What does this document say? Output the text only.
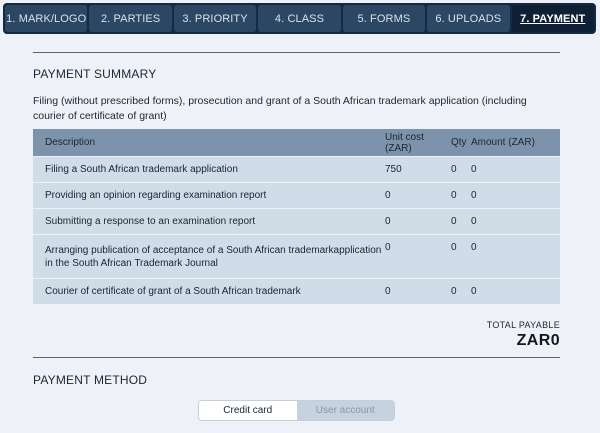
1. MARK/LOGO	2. PARTIES	3. PRIORITY	4. CLASS	5. FORMS	6. UPLOADS	7. PAYMENT
PAYMENT SUMMARY
Filing (without prescribed forms), prosecution and grant of a South African trademark application (including courier of certificate of grant)
Description	Unit cost (ZAR)	Qty	Amount (ZAR)
Filing a South African trademark application	750	0	0
Providing an opinion regarding examination report	0	0	0
Submitting a response to an examination report	0	0	0
Arranging publication of acceptance of a South African trademarkapplication in the South African Trademark Journal	0	0	0
Courier of certificate of grant of a South African trademark	0	0	0
TOTAL PAYABLE
ZAR0
PAYMENT METHOD
Credit card	User account
